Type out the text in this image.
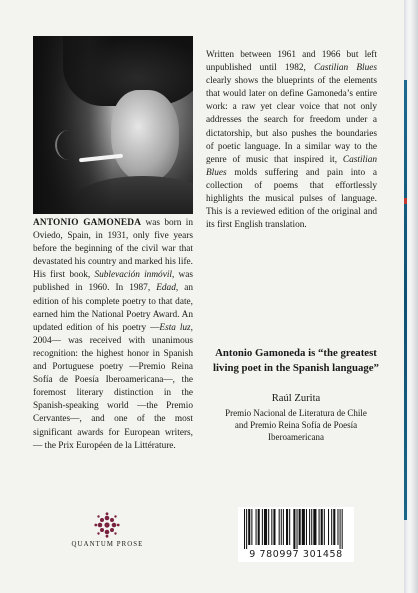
ANTONIO GAMONEDA was born in Oviedo, Spain, in 1931, only five years before the beginning of the civil war that devastated his country and marked his life. His first book, Sublevación inmóvil, was published in 1960. In 1987, Edad, an edition of his complete poetry to that date, earned him the National Poetry Award. An updated edition of his poetry —Esta luz, 2004— was received with unanimous recognition: the highest honor in Spanish and Portuguese poetry —Premio Reina Sofía de Poesía Iberoamericana—, the foremost literary distinction in the Spanish-speaking world —the Premio Cervantes—, and one of the most significant awards for European writers, — the Prix Européen de la Littérature.

Written between 1961 and 1966 but left unpublished until 1982, Castilian Blues clearly shows the blueprints of the elements that would later on define Gamoneda’s entire work: a raw yet clear voice that not only addresses the search for freedom under a dictatorship, but also pushes the boundaries of poetic language. In a similar way to the genre of music that inspired it, Castilian Blues molds suffering and pain into a collection of poems that effortlessly highlights the musical pulses of language. This is a reviewed edition of the original and its first English translation.

Antonio Gamoneda is “the greatest living poet in the Spanish language”

Raúl Zurita

Premio Nacional de Literatura de Chile
and Premio Reina Sofía de Poesía
Iberoamericana

QUANTUM PROSE

9 780997 301458
